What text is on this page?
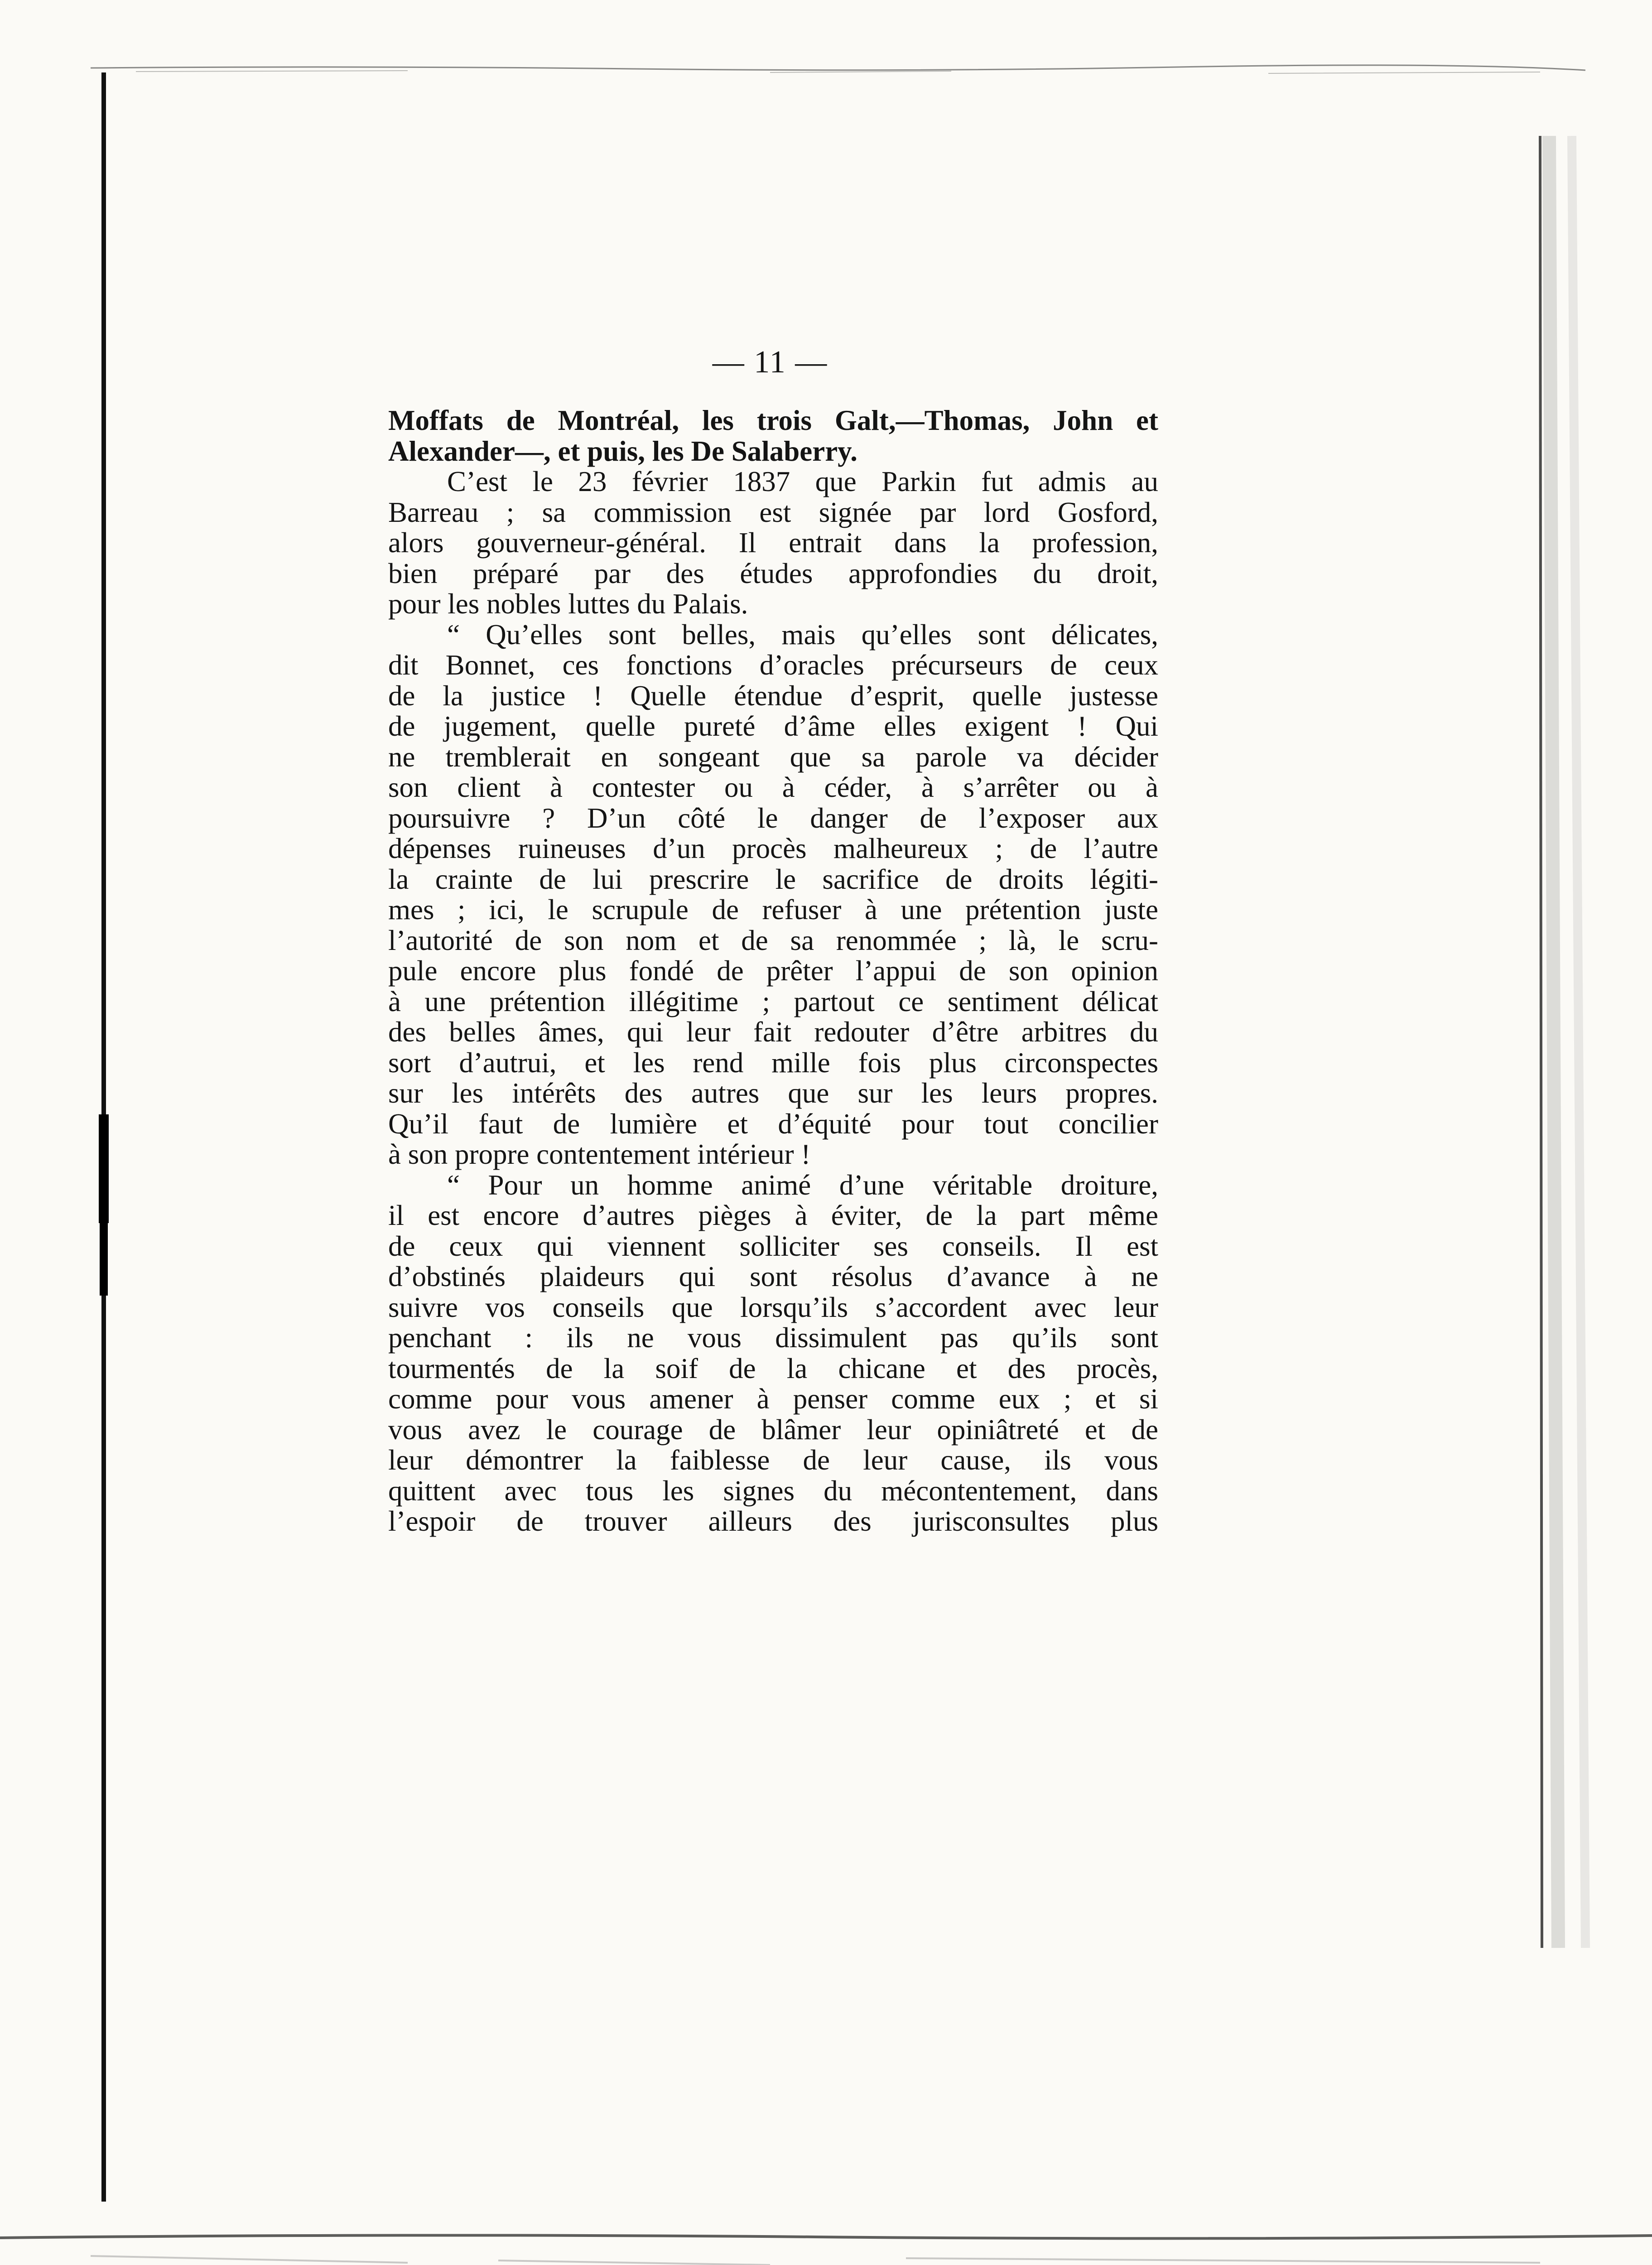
— 11 —
Moffats de Montréal, les trois Galt,—Thomas, John et
Alexander—, et puis, les De Salaberry.
C’est le 23 février 1837 que Parkin fut admis au
Barreau ; sa commission est signée par lord Gosford,
alors gouverneur-général. Il entrait dans la profession,
bien préparé par des études approfondies du droit,
pour les nobles luttes du Palais.
“ Qu’elles sont belles, mais qu’elles sont délicates,
dit Bonnet, ces fonctions d’oracles précurseurs de ceux
de la justice ! Quelle étendue d’esprit, quelle justesse
de jugement, quelle pureté d’âme elles exigent ! Qui
ne tremblerait en songeant que sa parole va décider
son client à contester ou à céder, à s’arrêter ou à
poursuivre ? D’un côté le danger de l’exposer aux
dépenses ruineuses d’un procès malheureux ; de l’autre
la crainte de lui prescrire le sacrifice de droits légiti-
mes ; ici, le scrupule de refuser à une prétention juste
l’autorité de son nom et de sa renommée ; là, le scru-
pule encore plus fondé de prêter l’appui de son opinion
à une prétention illégitime ; partout ce sentiment délicat
des belles âmes, qui leur fait redouter d’être arbitres du
sort d’autrui, et les rend mille fois plus circonspectes
sur les intérêts des autres que sur les leurs propres.
Qu’il faut de lumière et d’équité pour tout concilier
à son propre contentement intérieur !
“ Pour un homme animé d’une véritable droiture,
il est encore d’autres pièges à éviter, de la part même
de ceux qui viennent solliciter ses conseils. Il est
d’obstinés plaideurs qui sont résolus d’avance à ne
suivre vos conseils que lorsqu’ils s’accordent avec leur
penchant : ils ne vous dissimulent pas qu’ils sont
tourmentés de la soif de la chicane et des procès,
comme pour vous amener à penser comme eux ; et si
vous avez le courage de blâmer leur opiniâtreté et de
leur démontrer la faiblesse de leur cause, ils vous
quittent avec tous les signes du mécontentement, dans
l’espoir de trouver ailleurs des jurisconsultes plus
